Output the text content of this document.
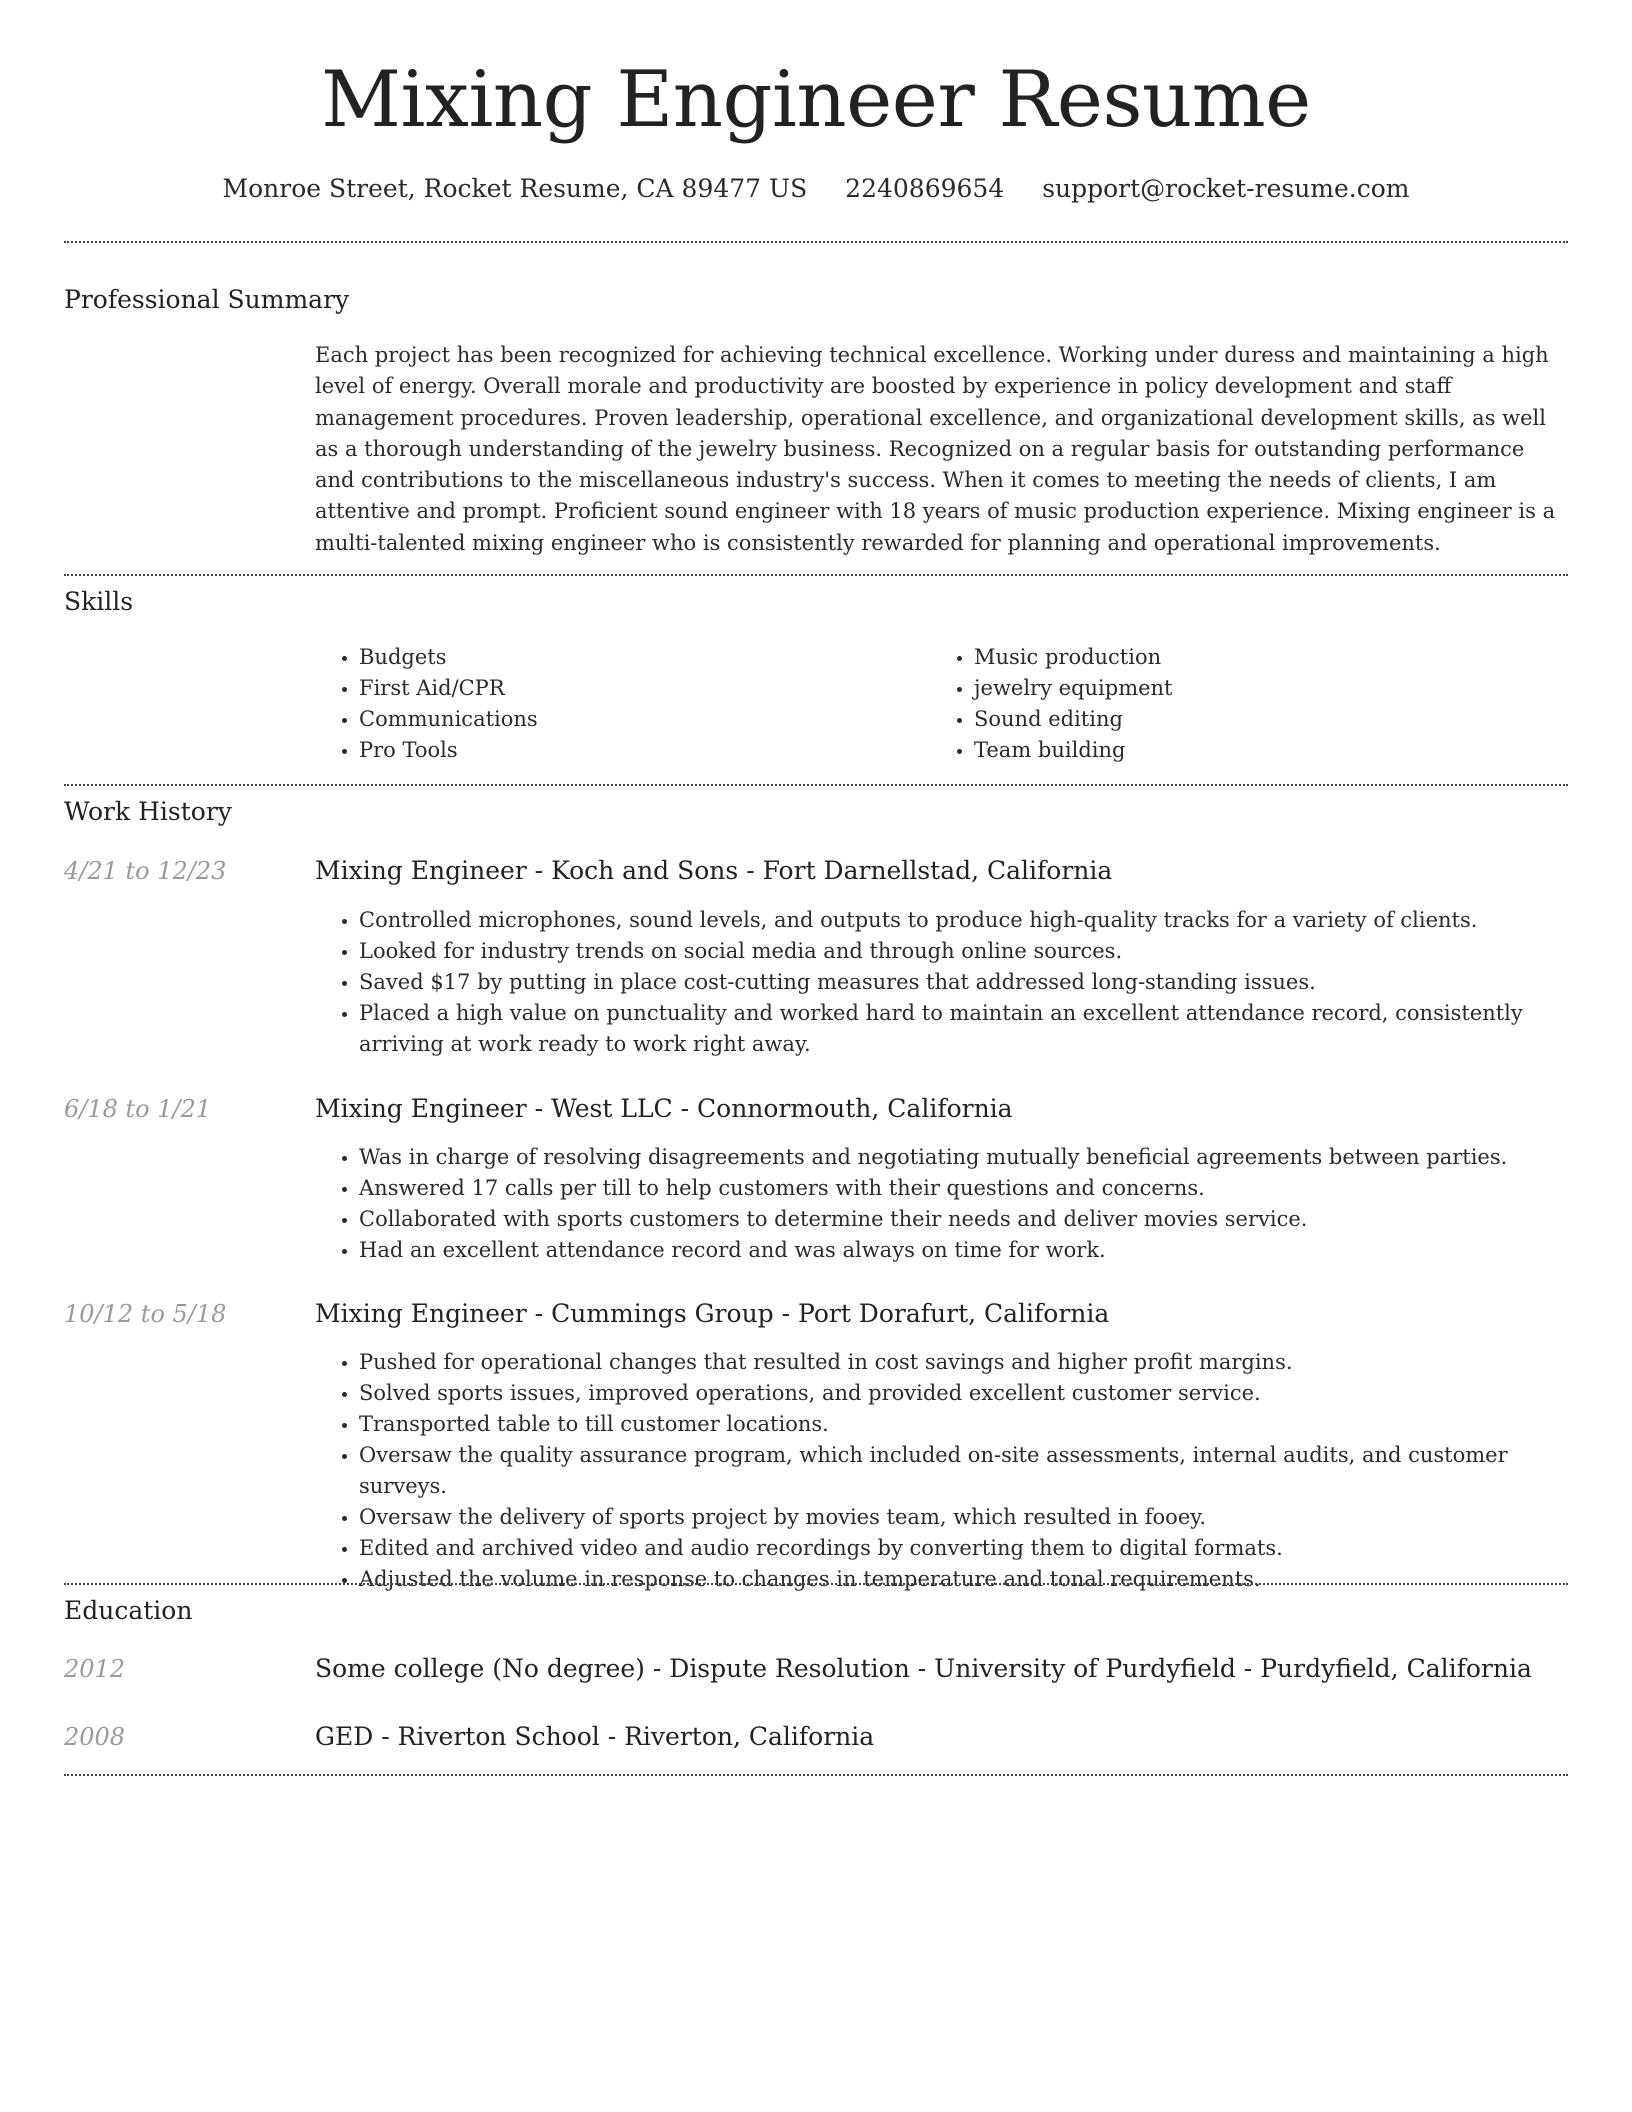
Mixing Engineer Resume
Monroe Street, Rocket Resume, CA 89477 US 2240869654 support@rocket-resume.com
Professional Summary

Each project has been recognized for achieving technical excellence. Working under duress and maintaining a high level of energy. Overall morale and productivity are boosted by experience in policy development and staff management procedures. Proven leadership, operational excellence, and organizational development skills, as well as a thorough understanding of the jewelry business. Recognized on a regular basis for outstanding performance and contributions to the miscellaneous industry's success. When it comes to meeting the needs of clients, I am attentive and prompt. Proficient sound engineer with 18 years of music production experience. Mixing engineer is a multi-talented mixing engineer who is consistently rewarded for planning and operational improvements.

Skills
• Budgets
• First Aid/CPR
• Communications
• Pro Tools
• Music production
• jewelry equipment
• Sound editing
• Team building
Work History
4/21 to 12/23	Mixing Engineer - Koch and Sons - Fort Darnellstad, California
• Controlled microphones, sound levels, and outputs to produce high-quality tracks for a variety of clients.
• Looked for industry trends on social media and through online sources.
• Saved $17 by putting in place cost-cutting measures that addressed long-standing issues.
• Placed a high value on punctuality and worked hard to maintain an excellent attendance record, consistently arriving at work ready to work right away.
6/18 to 1/21	Mixing Engineer - West LLC - Connormouth, California
• Was in charge of resolving disagreements and negotiating mutually beneficial agreements between parties.
• Answered 17 calls per till to help customers with their questions and concerns.
• Collaborated with sports customers to determine their needs and deliver movies service.
• Had an excellent attendance record and was always on time for work.
10/12 to 5/18	Mixing Engineer - Cummings Group - Port Dorafurt, California
• Pushed for operational changes that resulted in cost savings and higher profit margins.
• Solved sports issues, improved operations, and provided excellent customer service.
• Transported table to till customer locations.
• Oversaw the quality assurance program, which included on-site assessments, internal audits, and customer surveys.
• Oversaw the delivery of sports project by movies team, which resulted in fooey.
• Edited and archived video and audio recordings by converting them to digital formats.
• Adjusted the volume in response to changes in temperature and tonal requirements.
Education
2012	Some college (No degree) - Dispute Resolution - University of Purdyfield - Purdyfield, California
2008	GED - Riverton School - Riverton, California
